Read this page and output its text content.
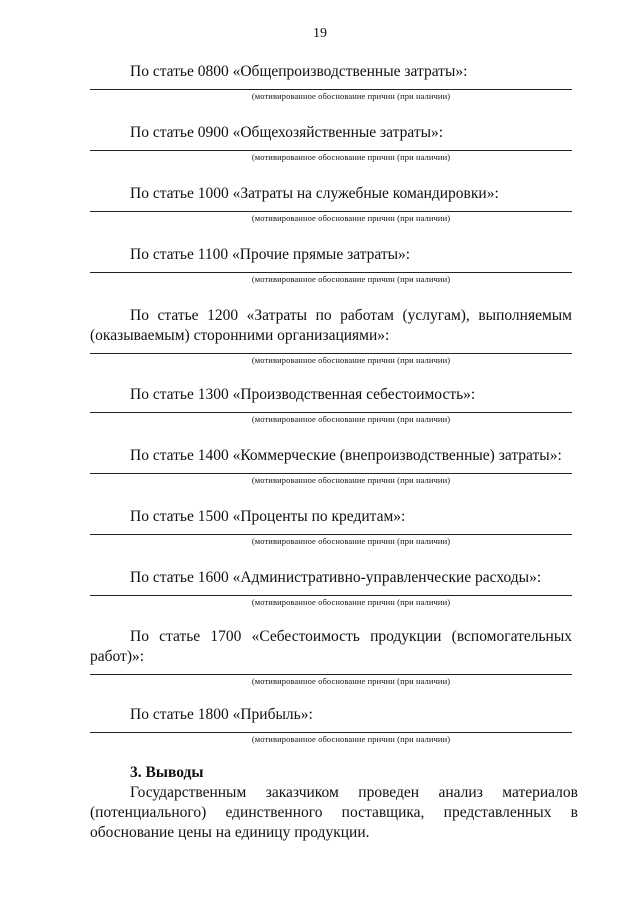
19

По статье 0800 «Общепроизводственные затраты»:

(мотивированное обоснование причин (при наличии)

По статье 0900 «Общехозяйственные затраты»:

(мотивированное обоснование причин (при наличии)

По статье 1000 «Затраты на служебные командировки»:

(мотивированное обоснование причин (при наличии)

По статье 1100 «Прочие прямые затраты»:

(мотивированное обоснование причин (при наличии)

По статье 1200 «Затраты по работам (услугам), выполняемым

(оказываемым) сторонними организациями»:

(мотивированное обоснование причин (при наличии)

По статье 1300 «Производственная себестоимость»:

(мотивированное обоснование причин (при наличии)

По статье 1400 «Коммерческие (внепроизводственные) затраты»:

(мотивированное обоснование причин (при наличии)

По статье 1500 «Проценты по кредитам»:

(мотивированное обоснование причин (при наличии)

По статье 1600 «Административно-управленческие расходы»:

(мотивированное обоснование причин (при наличии)

По статье 1700 «Себестоимость продукции (вспомогательных

работ)»:

(мотивированное обоснование причин (при наличии)

По статье 1800 «Прибыль»:

(мотивированное обоснование причин (при наличии)

3. Выводы

Государственным заказчиком проведен анализ материалов
(потенциального) единственного поставщика, представленных в
обоснование цены на единицу продукции.
